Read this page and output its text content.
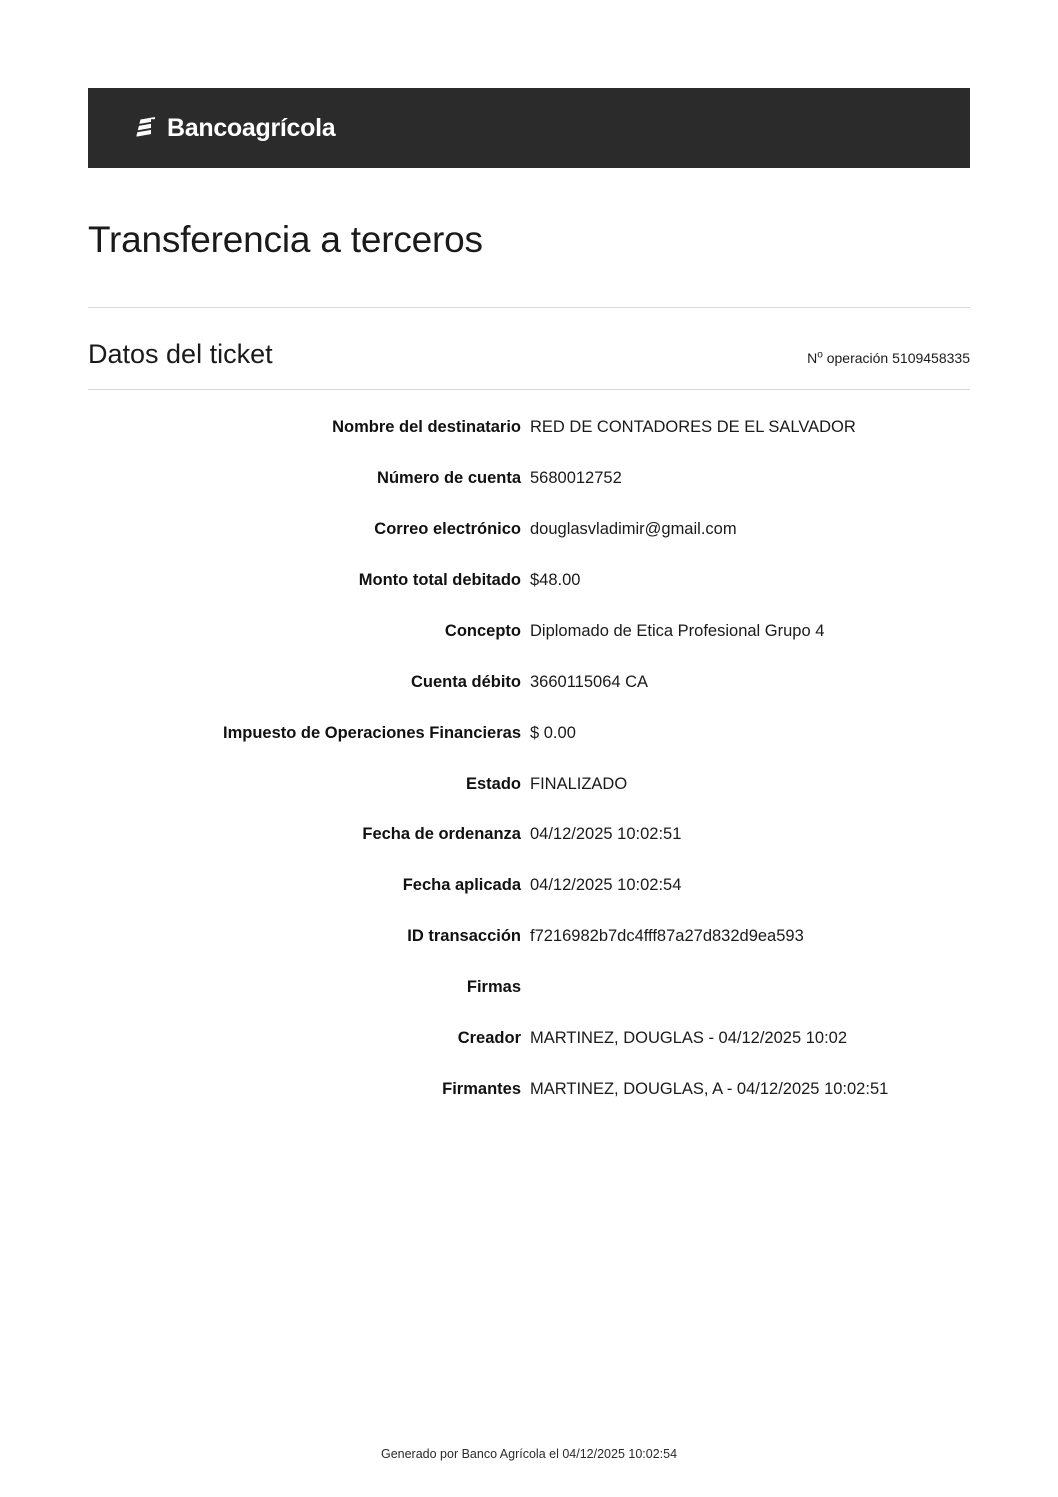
Bancoagrícola
Transferencia a terceros
Datos del ticket	$N^o$ operación 5109458335
Nombre del destinatario RED DE CONTADORES DE EL SALVADOR
Número de cuenta 5680012752
Correo electrónico douglasvladimir@gmail.com
Monto total debitado $48.00
Concepto Diplomado de Etica Profesional Grupo 4
Cuenta débito 3660115064 CA
Impuesto de Operaciones Financieras $ 0.00
Estado FINALIZADO
Fecha de ordenanza 04/12/2025 10:02:51
Fecha aplicada 04/12/2025 10:02:54
ID transacción f7216982b7dc4fff87a27d832d9ea593
Firmas
Creador MARTINEZ, DOUGLAS - 04/12/2025 10:02
Firmantes MARTINEZ, DOUGLAS, A - 04/12/2025 10:02:51
Generado por Banco Agrícola el 04/12/2025 10:02:54
